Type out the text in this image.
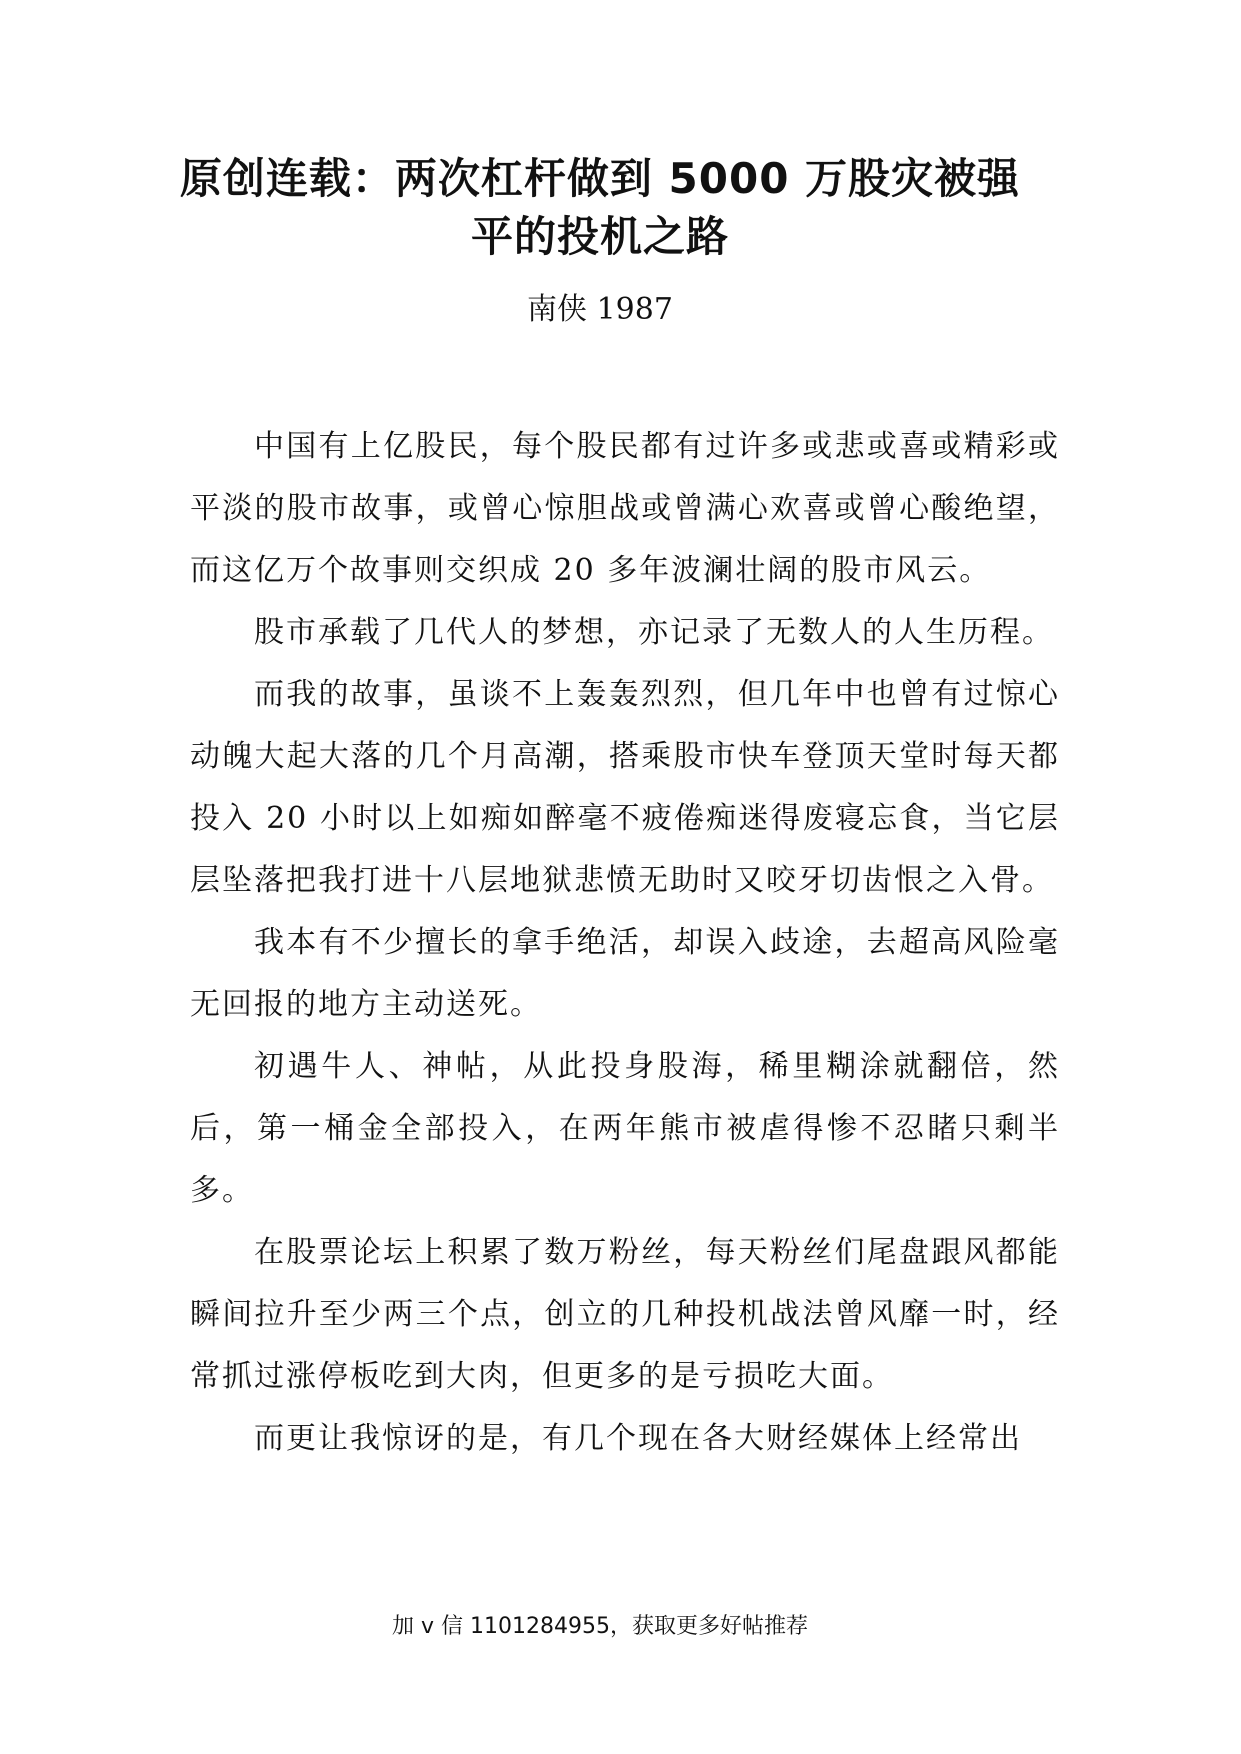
原创连载：两次杠杆做到 5000 万股灾被强
平的投机之路
南侠 1987

中国有上亿股民，每个股民都有过许多或悲或喜或精彩或平淡的股市故事，或曾心惊胆战或曾满心欢喜或曾心酸绝望，而这亿万个故事则交织成 20 多年波澜壮阔的股市风云。

股市承载了几代人的梦想，亦记录了无数人的人生历程。

而我的故事，虽谈不上轰轰烈烈，但几年中也曾有过惊心动魄大起大落的几个月高潮，搭乘股市快车登顶天堂时每天都投入 20 小时以上如痴如醉毫不疲倦痴迷得废寝忘食，当它层层坠落把我打进十八层地狱悲愤无助时又咬牙切齿恨之入骨。

我本有不少擅长的拿手绝活，却误入歧途，去超高风险毫无回报的地方主动送死。

初遇牛人、神帖，从此投身股海，稀里糊涂就翻倍，然后，第一桶金全部投入，在两年熊市被虐得惨不忍睹只剩半多。

在股票论坛上积累了数万粉丝，每天粉丝们尾盘跟风都能瞬间拉升至少两三个点，创立的几种投机战法曾风靡一时，经常抓过涨停板吃到大肉，但更多的是亏损吃大面。

而更让我惊讶的是，有几个现在各大财经媒体上经常出

加 v 信 1101284955，获取更多好帖推荐
